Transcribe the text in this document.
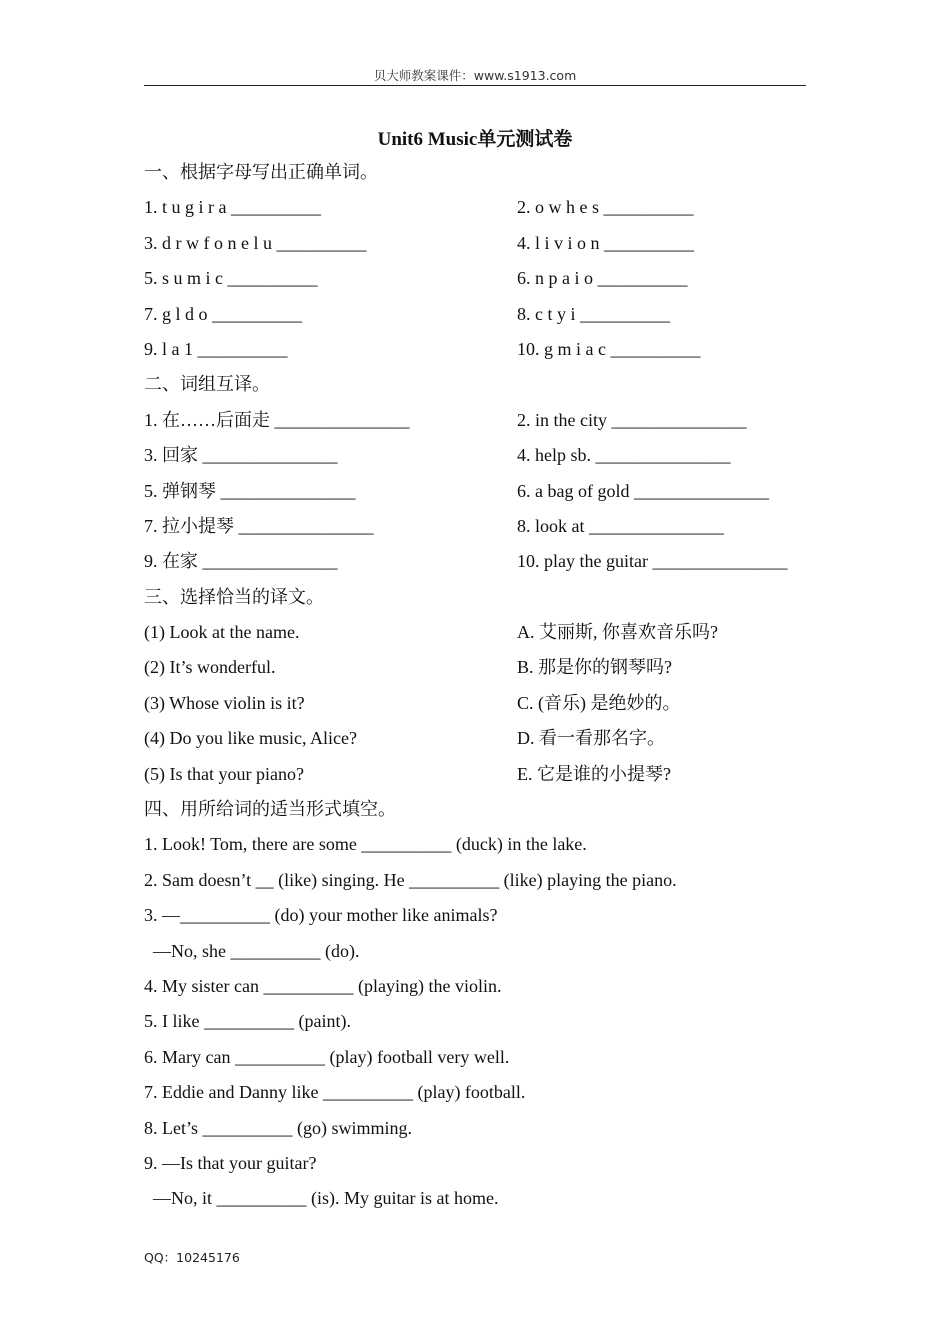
贝大师教案课件：www.s1913.com
Unit6 Music单元测试卷
一、根据字母写出正确单词。
1. t u g i r a __________	2. o w h e s __________
3. d r w f o n e l u __________	4. l i v i o n __________
5. s u m i c __________	6. n p a i o __________
7. g l d o __________	8. c t y i __________
9. l a 1 __________	10. g m i a c __________
二、词组互译。
1. 在……后面走 _______________	2. in the city _______________
3. 回家 _______________	4. help sb. _______________
5. 弹钢琴 _______________	6. a bag of gold _______________
7. 拉小提琴 _______________	8. look at _______________
9. 在家 _______________	10. play the guitar _______________
三、选择恰当的译文。
(1) Look at the name.	A. 艾丽斯, 你喜欢音乐吗?
(2) It’s wonderful.	B. 那是你的钢琴吗?
(3) Whose violin is it?	C. (音乐) 是绝妙的。
(4) Do you like music, Alice?	D. 看一看那名字。
(5) Is that your piano?	E. 它是谁的小提琴?
四、用所给词的适当形式填空。
1. Look! Tom, there are some __________ (duck) in the lake.
2. Sam doesn’t __ (like) singing. He __________ (like) playing the piano.
3. —__________ (do) your mother like animals?
—No, she __________ (do).
4. My sister can __________ (playing) the violin.
5. I like __________ (paint).
6. Mary can __________ (play) football very well.
7. Eddie and Danny like __________ (play) football.
8. Let’s __________ (go) swimming.
9. —Is that your guitar?
—No, it __________ (is). My guitar is at home.
QQ：10245176
